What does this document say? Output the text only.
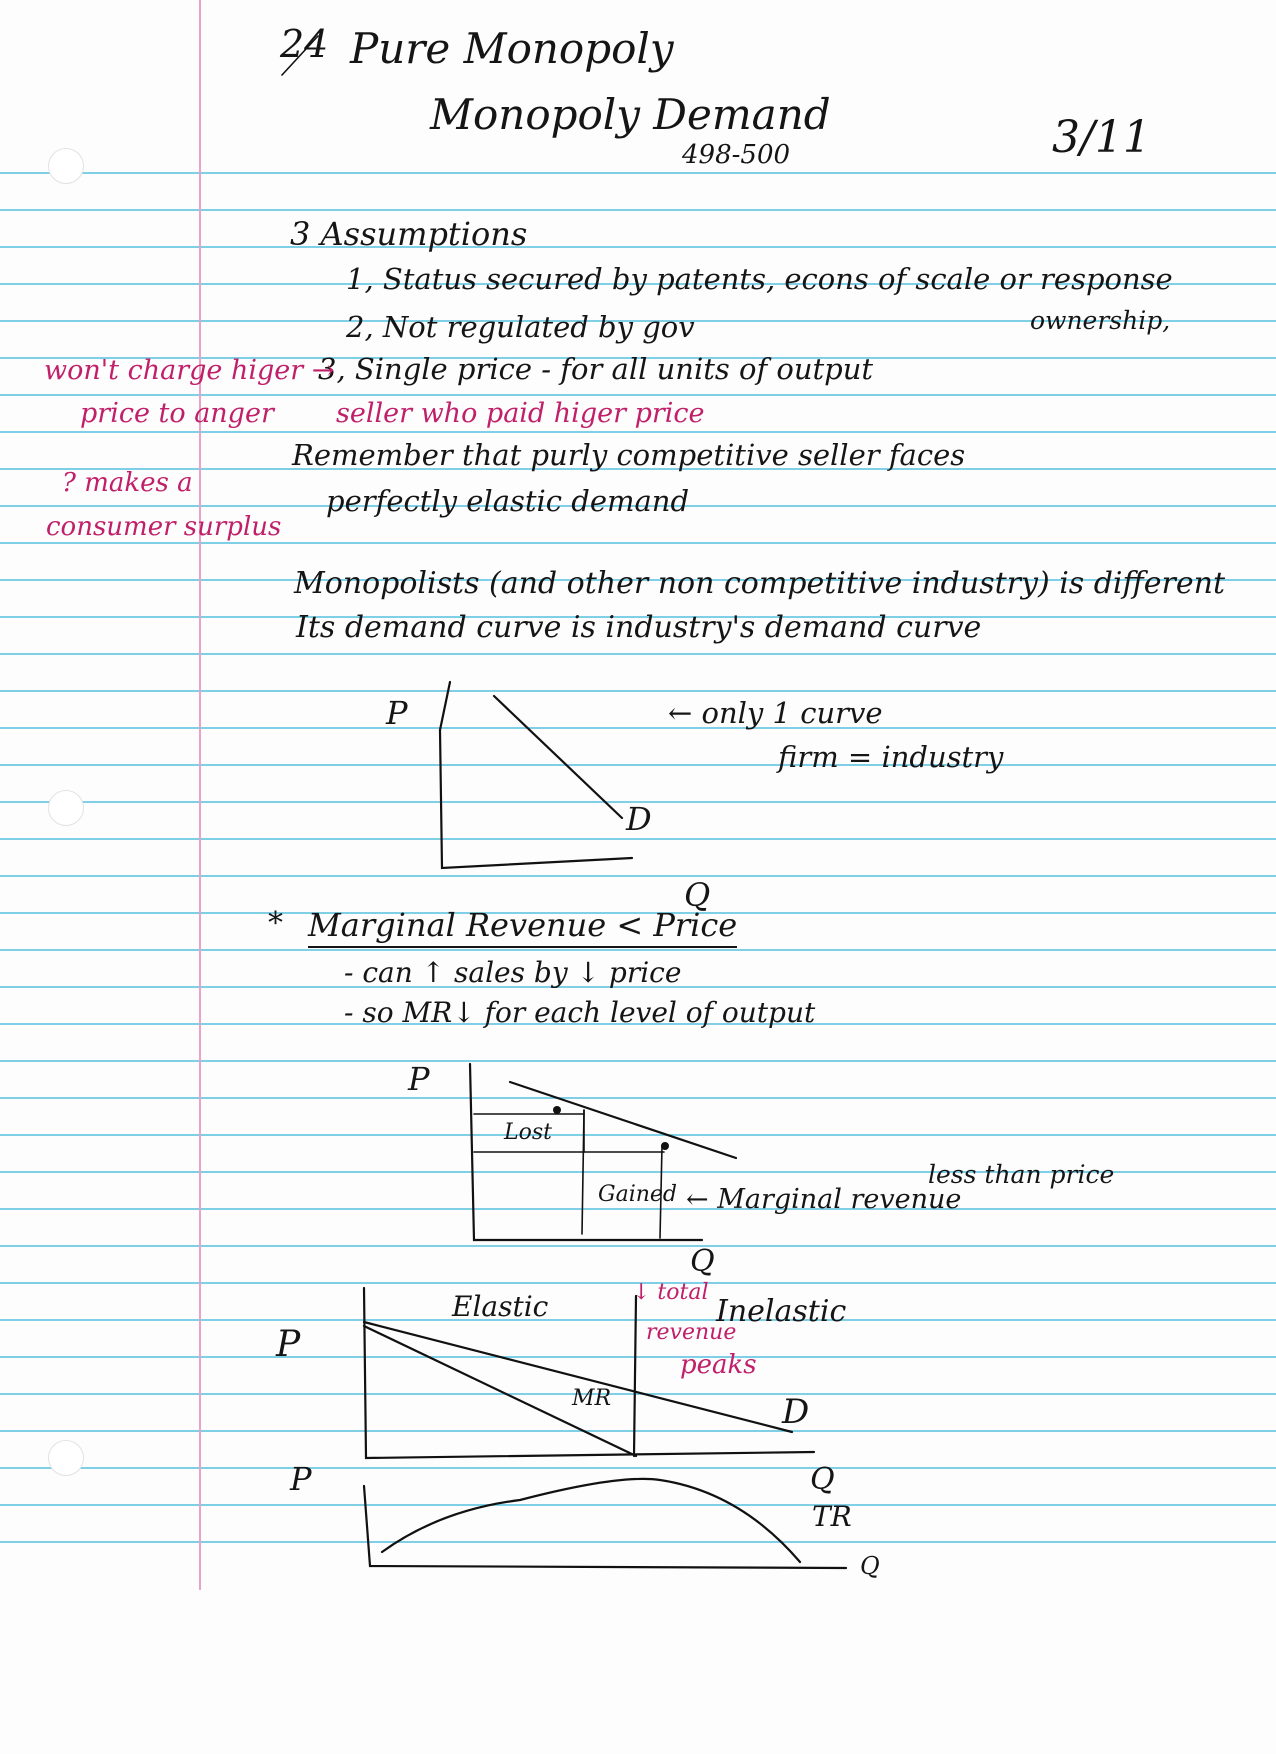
24 Pure Monopoly
Monopoly Demand
498-500	3/11
3 Assumptions
1, Status secured by patents, econs of scale or response
ownership,
2, Not regulated by gov
3, Single price - for all units of output
won't charge higer →
price to anger seller who paid higer price
? makes a
consumer surplus
Remember that purly competitive seller faces
perfectly elastic demand
Monopolists (and other non competitive industry) is different
Its demand curve is industry's demand curve
P
D
Q
← only 1 curve
firm = industry
* Marginal Revenue < Price
- can ↑ sales by ↓ price
- so MR↓ for each level of output
P
Lost
Gained ← Marginal revenue
less than price
Q
P
Elastic	Inelastic
↓ total
revenue
peaks
MR	D
Q
P
TR
Q
